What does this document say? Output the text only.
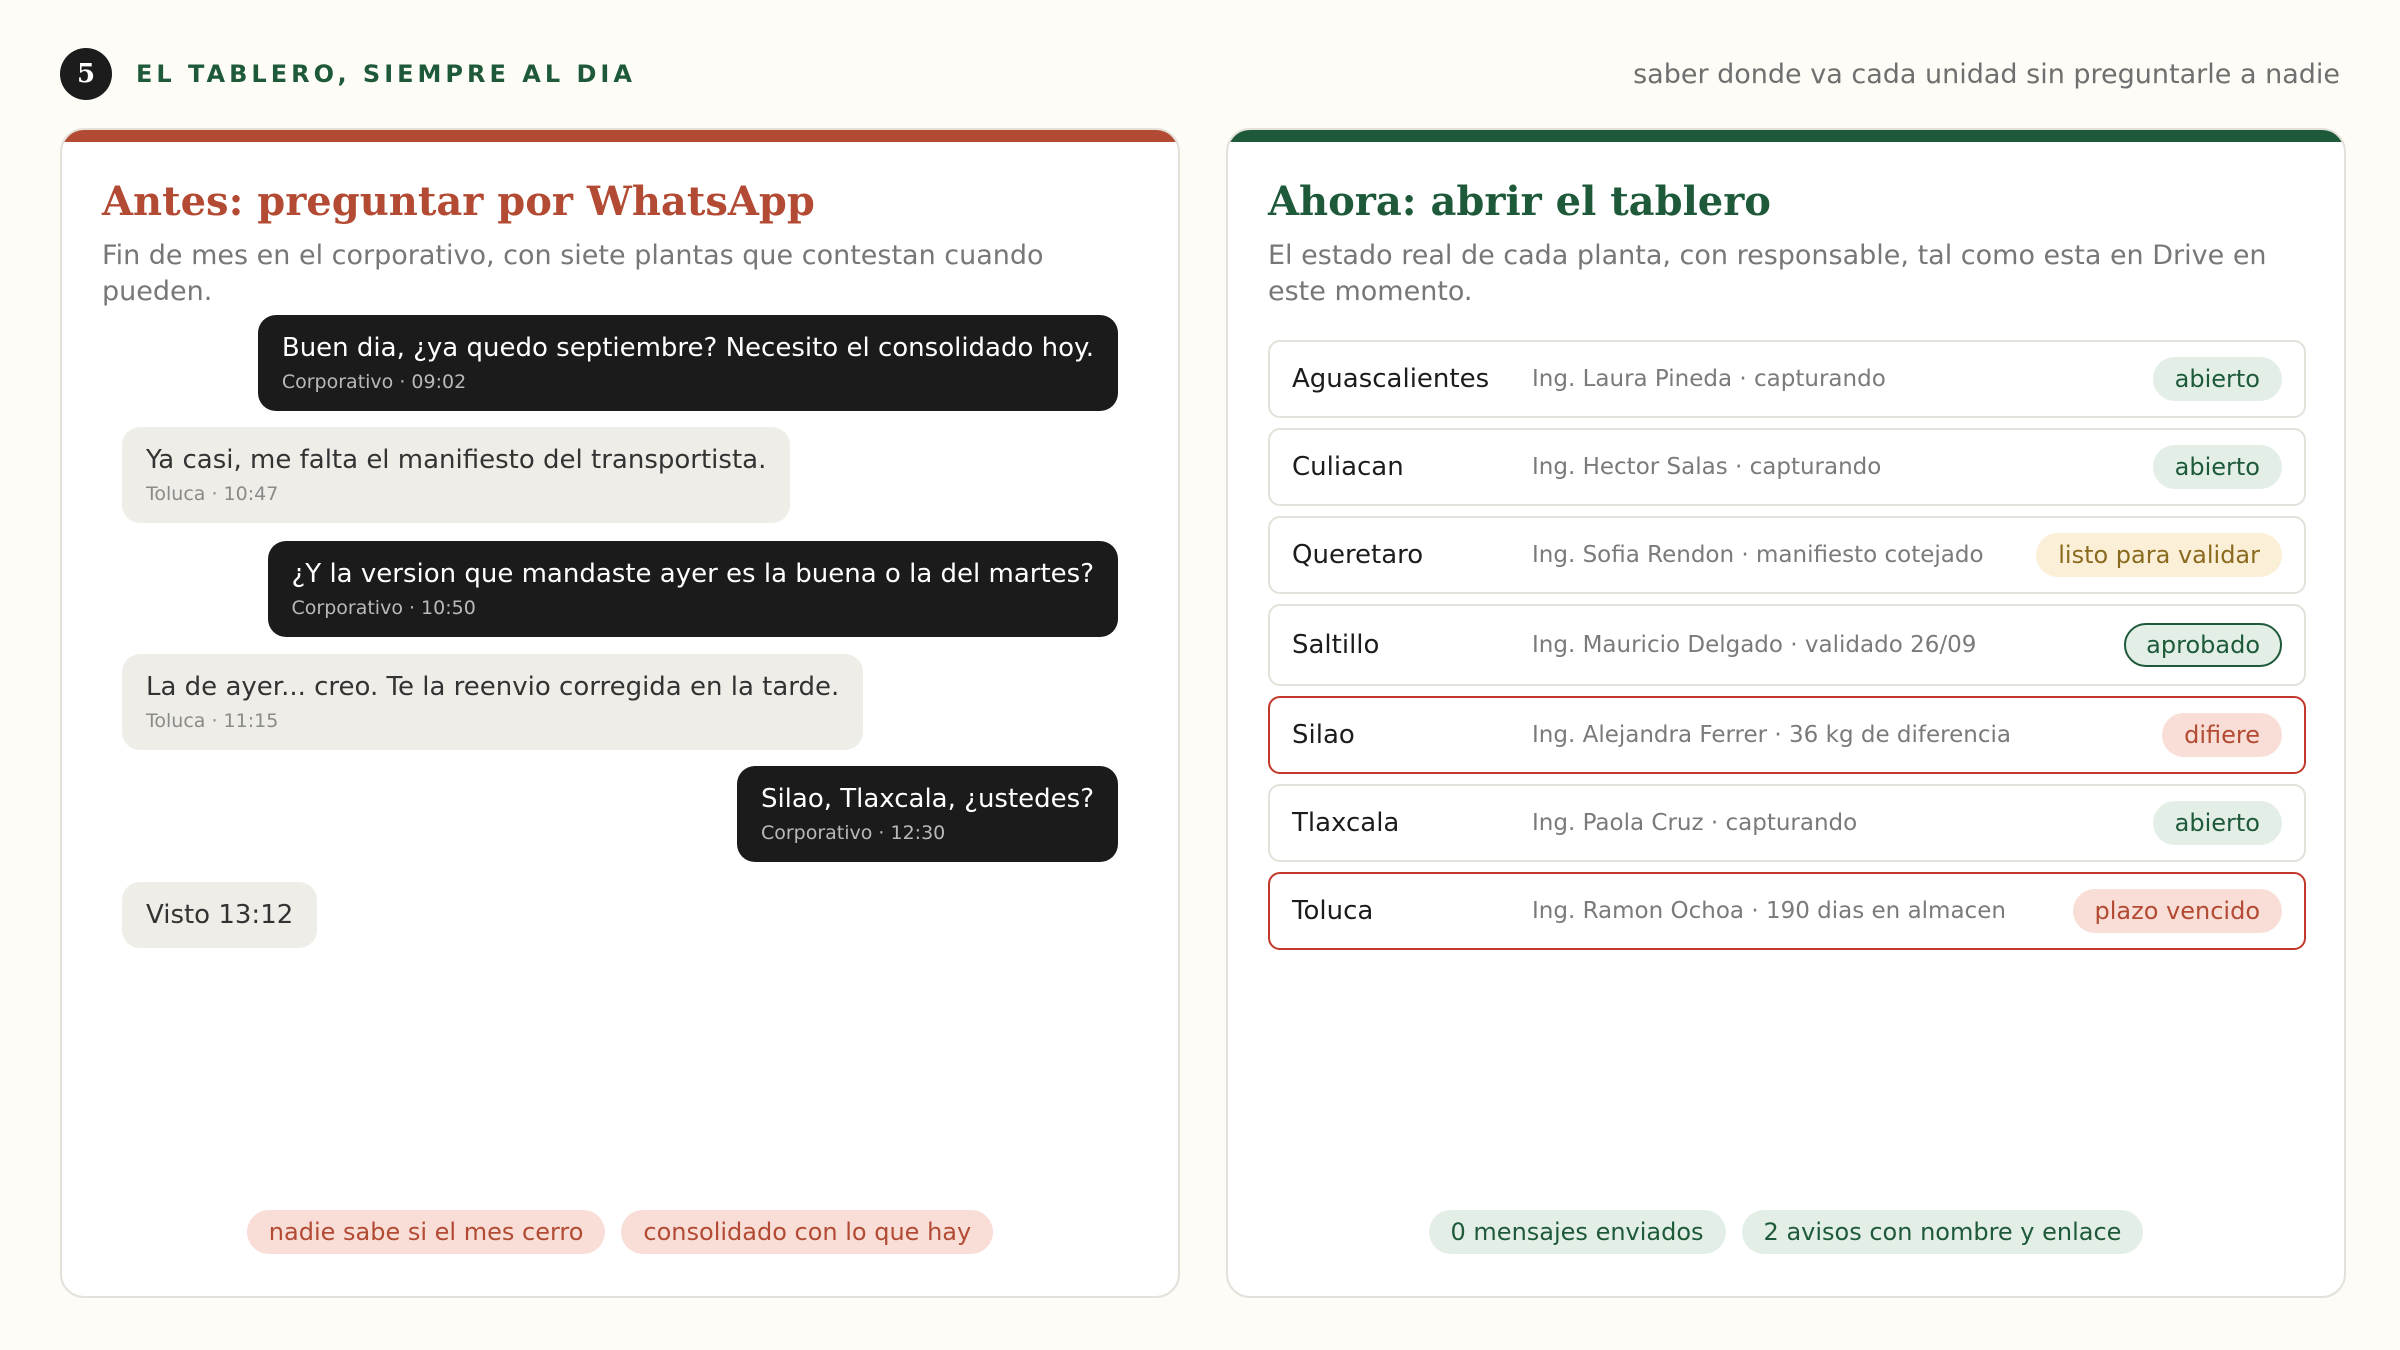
5	EL TABLERO, SIEMPRE AL DIA	saber donde va cada unidad sin preguntarle a nadie
Antes: preguntar por WhatsApp
Fin de mes en el corporativo, con siete plantas que contestan cuando pueden.
Buen dia, ¿ya quedo septiembre? Necesito el consolidado hoy.
Corporativo · 09:02
Ya casi, me falta el manifiesto del transportista.
Toluca · 10:47
¿Y la version que mandaste ayer es la buena o la del martes?
Corporativo · 10:50
La de ayer... creo. Te la reenvio corregida en la tarde.
Toluca · 11:15
Silao, Tlaxcala, ¿ustedes?
Corporativo · 12:30
Visto 13:12
nadie sabe si el mes cerro	consolidado con lo que hay
Ahora: abrir el tablero
El estado real de cada planta, con responsable, tal como esta en Drive en este momento.
Aguascalientes	Ing. Laura Pineda · capturando	abierto
Culiacan	Ing. Hector Salas · capturando	abierto
Queretaro	Ing. Sofia Rendon · manifiesto cotejado	listo para validar
Saltillo	Ing. Mauricio Delgado · validado 26/09	aprobado
Silao	Ing. Alejandra Ferrer · 36 kg de diferencia	difiere
Tlaxcala	Ing. Paola Cruz · capturando	abierto
Toluca	Ing. Ramon Ochoa · 190 dias en almacen	plazo vencido
0 mensajes enviados	2 avisos con nombre y enlace
